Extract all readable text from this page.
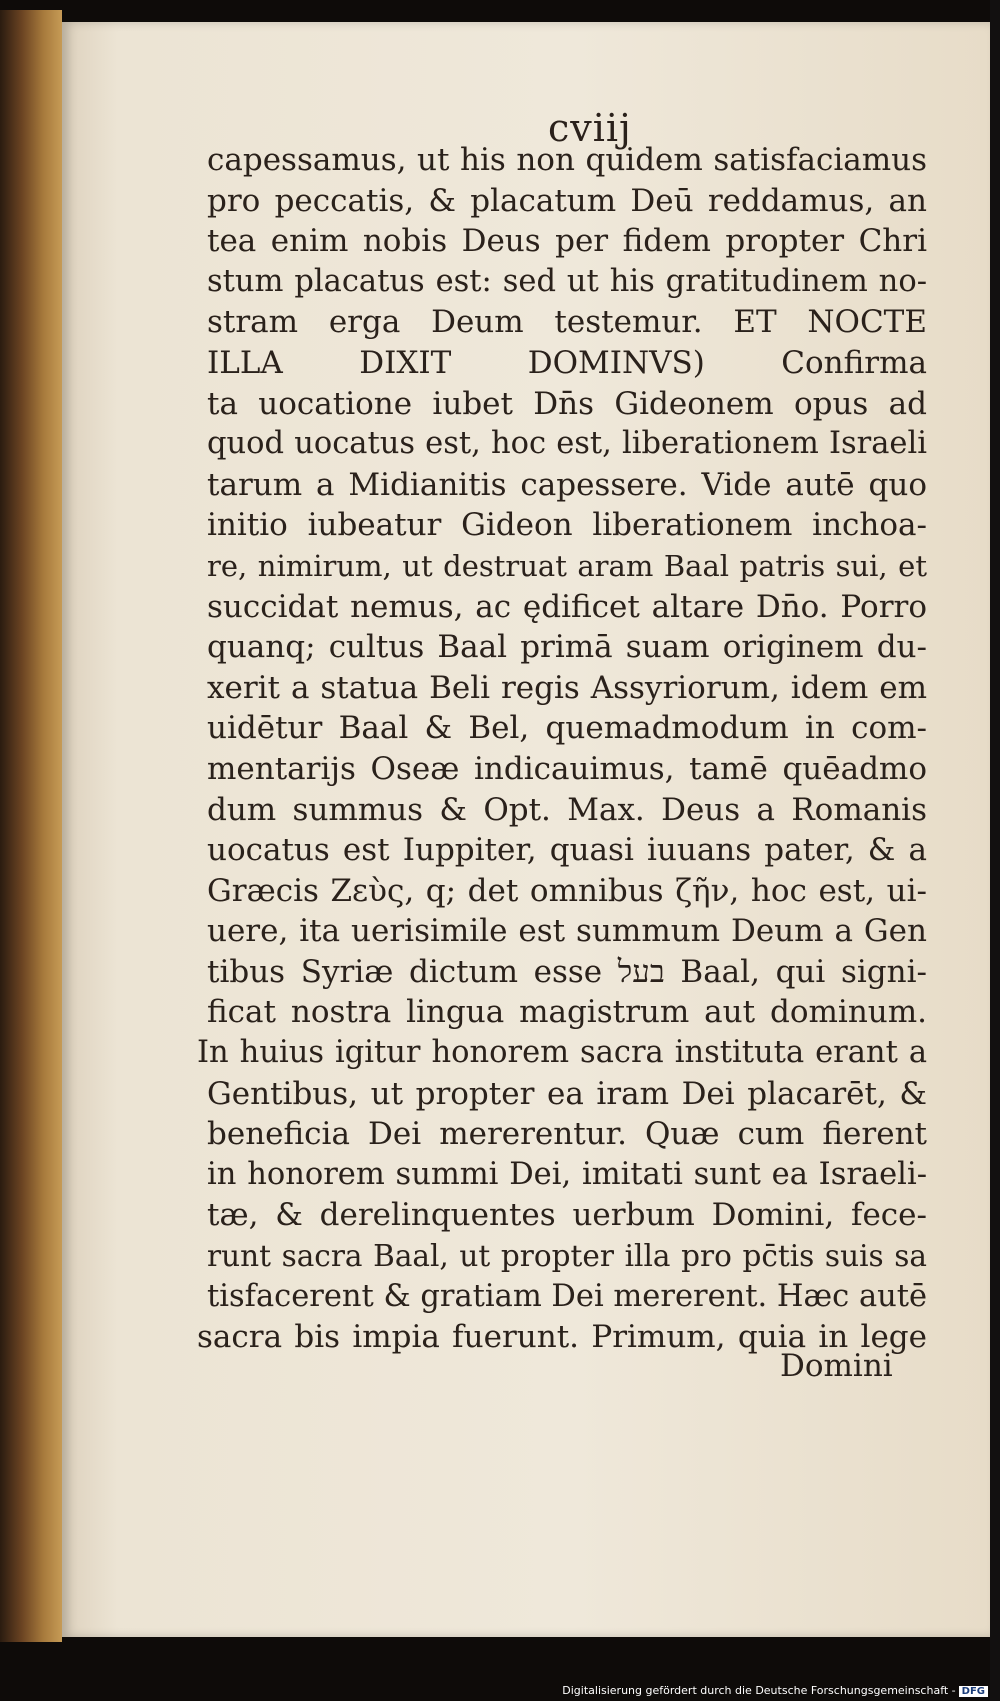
cviij
capessamus, ut his non quidem satisfaciamus
pro peccatis, & placatum Deū reddamus, an
tea enim nobis Deus per fidem propter Chri
stum placatus est: sed ut his gratitudinem no-
stram erga Deum testemur. ET NOCTE
ILLA DIXIT DOMINVS) Confirma
ta uocatione iubet Dn̄s Gideonem opus ad
quod uocatus est, hoc est, liberationem Israeli
tarum a Midianitis capessere. Vide autē quo
initio iubeatur Gideon liberationem inchoa-
re, nimirum, ut destruat aram Baal patris sui, et
succidat nemus, ac ędificet altare Dn̄o. Porro
quanq; cultus Baal primā suam originem du-
xerit a statua Beli regis Assyriorum, idem em
uidētur Baal & Bel, quemadmodum in com-
mentarijs Oseæ indicauimus, tamē quēadmo
dum summus & Opt. Max. Deus a Romanis
uocatus est Iuppiter, quasi iuuans pater, & a
Græcis Ζεὺς, q; det omnibus ζῆν, hoc est, ui-
uere, ita uerisimile est summum Deum a Gen
tibus Syriæ dictum esse בעל Baal, qui signi-
ficat nostra lingua magistrum aut dominum.
In huius igitur honorem sacra instituta erant a
Gentibus, ut propter ea iram Dei placarēt, &
beneficia Dei mererentur. Quæ cum fierent
in honorem summi Dei, imitati sunt ea Israeli-
tæ, & derelinquentes uerbum Domini, fece-
runt sacra Baal, ut propter illa pro pc̄tis suis sa
tisfacerent & gratiam Dei mererent. Hæc autē
sacra bis impia fuerunt. Primum, quia in lege
Domini
Digitalisierung gefördert durch die Deutsche Forschungsgemeinschaft - DFG
